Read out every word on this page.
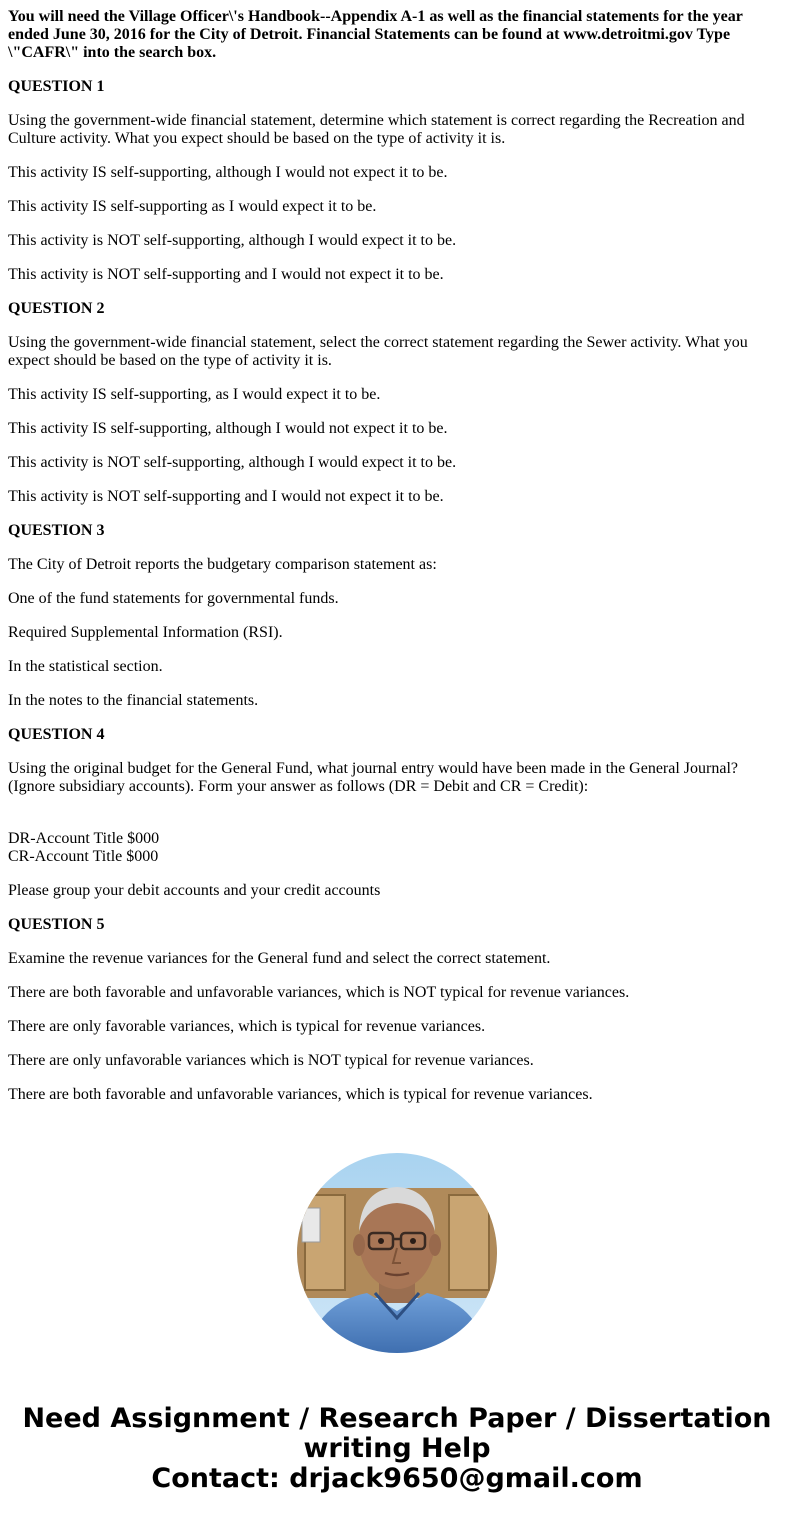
You will need the Village Officer\'s Handbook--Appendix A-1 as well as the financial statements for the year ended June 30, 2016 for the City of Detroit. Financial Statements can be found at www.detroitmi.gov Type \"CAFR\" into the search box.

QUESTION 1

Using the government-wide financial statement, determine which statement is correct regarding the Recreation and Culture activity. What you expect should be based on the type of activity it is.

This activity IS self-supporting, although I would not expect it to be.

This activity IS self-supporting as I would expect it to be.

This activity is NOT self-supporting, although I would expect it to be.

This activity is NOT self-supporting and I would not expect it to be.

QUESTION 2

Using the government-wide financial statement, select the correct statement regarding the Sewer activity. What you expect should be based on the type of activity it is.

This activity IS self-supporting, as I would expect it to be.

This activity IS self-supporting, although I would not expect it to be.

This activity is NOT self-supporting, although I would expect it to be.

This activity is NOT self-supporting and I would not expect it to be.

QUESTION 3

The City of Detroit reports the budgetary comparison statement as:

One of the fund statements for governmental funds.

Required Supplemental Information (RSI).

In the statistical section.

In the notes to the financial statements.

QUESTION 4

Using the original budget for the General Fund, what journal entry would have been made in the General Journal? (Ignore subsidiary accounts). Form your answer as follows (DR = Debit and CR = Credit):

DR-Account Title $000
CR-Account Title $000

Please group your debit accounts and your credit accounts

QUESTION 5

Examine the revenue variances for the General fund and select the correct statement.

There are both favorable and unfavorable variances, which is NOT typical for revenue variances.

There are only favorable variances, which is typical for revenue variances.

There are only unfavorable variances which is NOT typical for revenue variances.

There are both favorable and unfavorable variances, which is typical for revenue variances.

Need Assignment / Research Paper / Dissertation
writing Help
Contact: drjack9650@gmail.com
